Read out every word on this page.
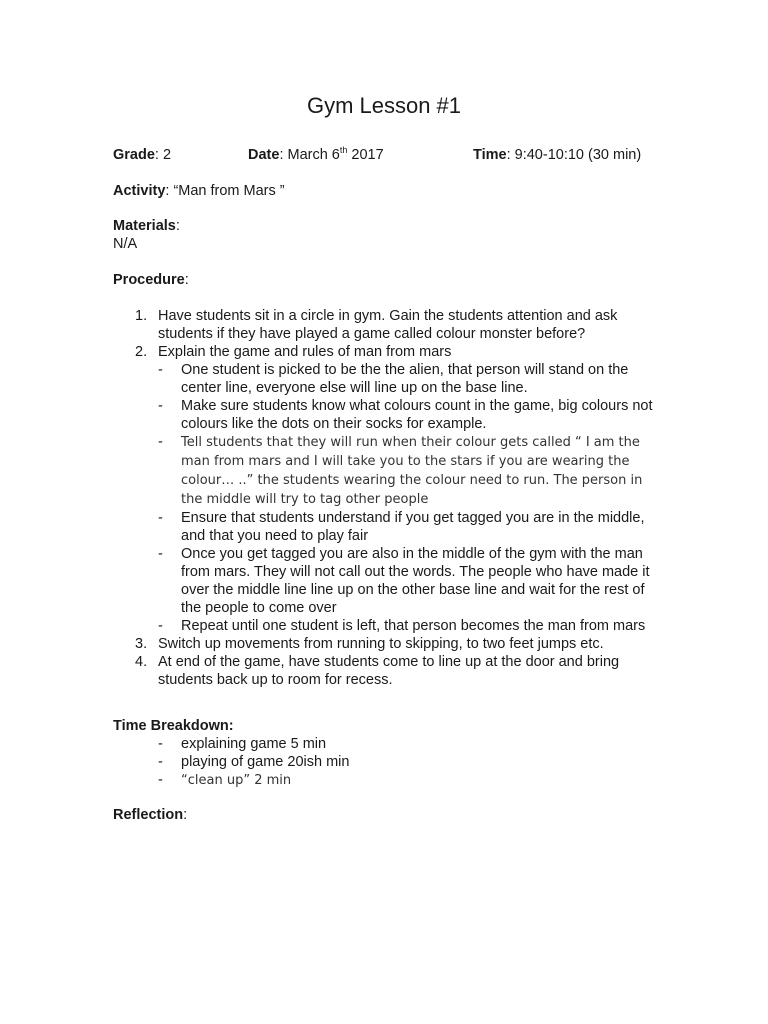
Gym Lesson #1
Grade: 2	Date: March 6th 2017	Time: 9:40-10:10 (30 min)
Activity: “Man from Mars ”
Materials:
N/A
Procedure:
1. Have students sit in a circle in gym. Gain the students attention and ask students if they have played a game called colour monster before?
2. Explain the game and rules of man from mars
- One student is picked to be the the alien, that person will stand on the center line, everyone else will line up on the base line.
- Make sure students know what colours count in the game, big colours not colours like the dots on their socks for example.
- Tell students that they will run when their colour gets called “ I am the man from mars and I will take you to the stars if you are wearing the colour… ..” the students wearing the colour need to run. The person in the middle will try to tag other people
- Ensure that students understand if you get tagged you are in the middle, and that you need to play fair
- Once you get tagged you are also in the middle of the gym with the man from mars. They will not call out the words. The people who have made it over the middle line line up on the other base line and wait for the rest of the people to come over
- Repeat until one student is left, that person becomes the man from mars
3. Switch up movements from running to skipping, to two feet jumps etc.
4. At end of the game, have students come to line up at the door and bring students back up to room for recess.
Time Breakdown:
- explaining game 5 min
- playing of game 20ish min
- “clean up” 2 min
Reflection:
